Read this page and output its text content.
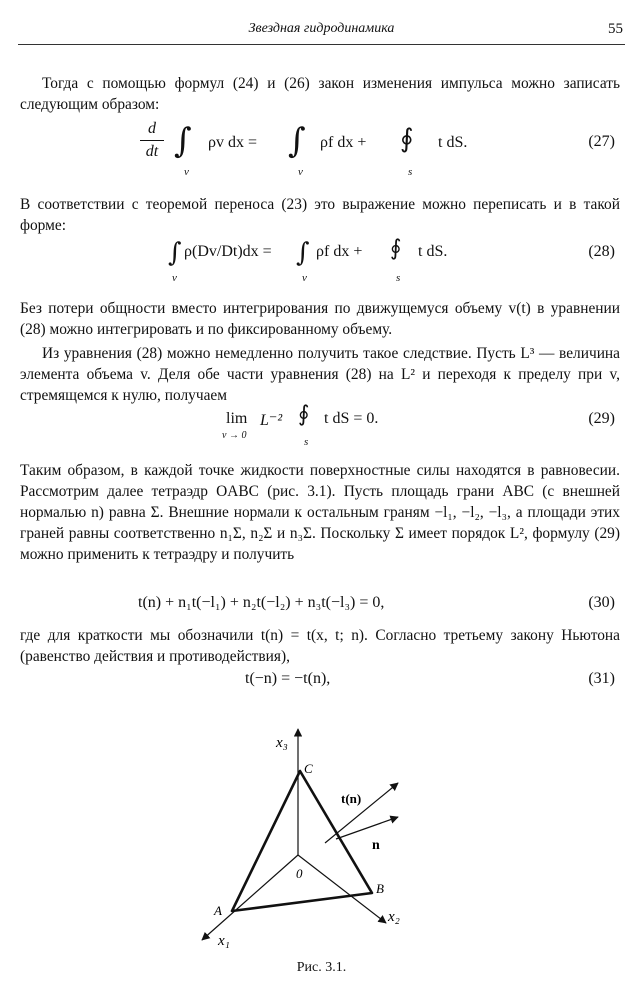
Звездная гидродинамика	55

Тогда с помощью формул (24) и (26) закон изменения импульса можно записать следующим образом:

d
dt ∫
v
ρv dx = ∫
v
ρf dx + ∮
s
t dS.	(27)

В соответствии с теоремой переноса (23) это выражение можно переписать и в такой форме:

∫
v
ρ(Dv/Dt)dx = ∫
v
ρf dx + ∮
s
t dS.	(28)

Без потери общности вместо интегрирования по движущемуся объему v(t) в уравнении (28) можно интегрировать и по фиксированному объему.

Из уравнения (28) можно немедленно получить такое следствие. Пусть L³ — величина элемента объема v. Деля обе части уравнения (28) на L² и переходя к пределу при v, стремящемся к нулю, получаем

lim
v → 0
L⁻² ∮
s
t dS = 0.	(29)

Таким образом, в каждой точке жидкости поверхностные силы находятся в равновесии. Рассмотрим далее тетраэдр OABC (рис. 3.1). Пусть площадь грани ABC (с внешней нормалью n) равна Σ. Внешние нормали к остальным граням −l₁, −l₂, −l₃, а площади этих граней равны соответственно n₁Σ, n₂Σ и n₃Σ. Поскольку Σ имеет порядок L², формулу (29) можно применить к тетраэдру и получить

t(n) + n₁t(−l₁) + n₂t(−l₂) + n₃t(−l₃) = 0,	(30)

где для краткости мы обозначили t(n) = t(x, t; n). Согласно третьему закону Ньютона (равенство действия и противодействия),

t(−n) = −t(n),	(31)
x₃
C
A
B
0
x₁
x₂
t(n)
n
Рис. 3.1.
